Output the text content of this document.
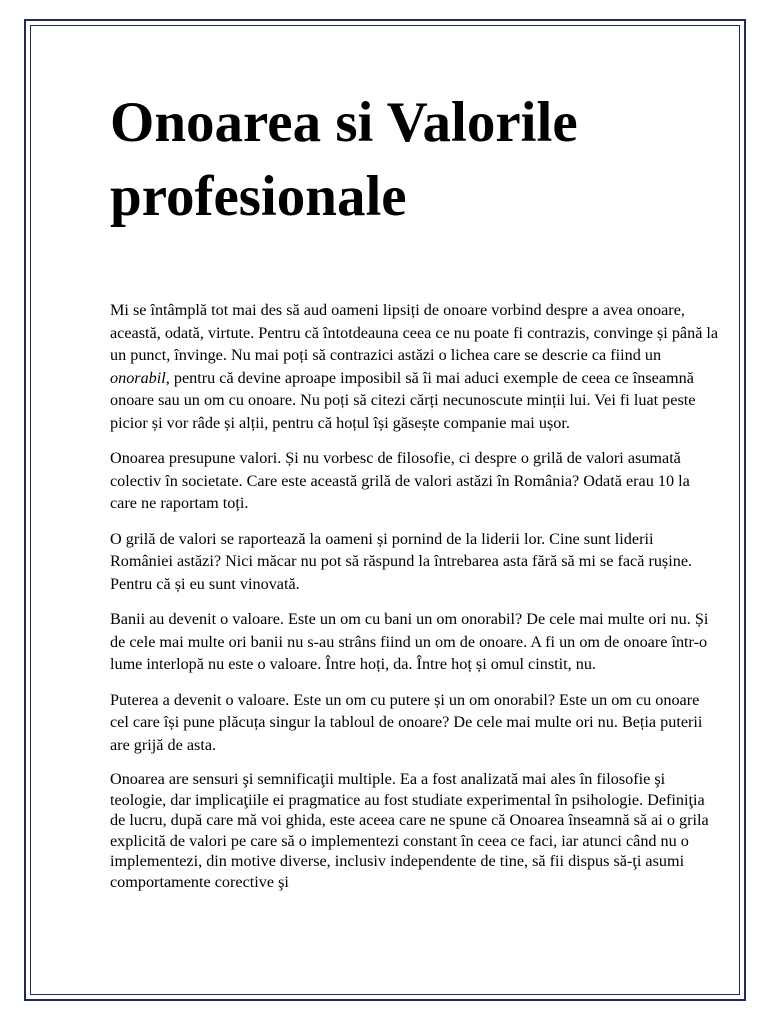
Onoarea si Valorile profesionale

Mi se întâmplă tot mai des să aud oameni lipsiți de onoare vorbind despre a avea onoare, această, odată, virtute. Pentru că întotdeauna ceea ce nu poate fi contrazis, convinge și până la un punct, învinge. Nu mai poți să contrazici astăzi o lichea care se descrie ca fiind un onorabil, pentru că devine aproape imposibil să îi mai aduci exemple de ceea ce înseamnă onoare sau un om cu onoare. Nu poți să citezi cărți necunoscute minții lui. Vei fi luat peste picior și vor râde și alții, pentru că hoțul își găsește companie mai ușor.

Onoarea presupune valori. Și nu vorbesc de filosofie, ci despre o grilă de valori asumată colectiv în societate. Care este această grilă de valori astăzi în România? Odată erau 10 la care ne raportam toți.

O grilă de valori se raportează la oameni și pornind de la liderii lor. Cine sunt liderii României astăzi? Nici măcar nu pot să răspund la întrebarea asta fără să mi se facă rușine. Pentru că și eu sunt vinovată.

Banii au devenit o valoare. Este un om cu bani un om onorabil? De cele mai multe ori nu. Și de cele mai multe ori banii nu s-au strâns fiind un om de onoare. A fi un om de onoare într-o lume interlopă nu este o valoare. Între hoți, da. Între hoț și omul cinstit, nu.

Puterea a devenit o valoare. Este un om cu putere și un om onorabil? Este un om cu onoare cel care își pune plăcuța singur la tabloul de onoare? De cele mai multe ori nu. Beția puterii are grijă de asta.

Onoarea are sensuri şi semnificaţii multiple. Ea a fost analizată mai ales în filosofie şi teologie, dar implicaţiile ei pragmatice au fost studiate experimental în psihologie. Definiţia de lucru, după care mă voi ghida, este aceea care ne spune că Onoarea înseamnă să ai o grila explicită de valori pe care să o implementezi constant în ceea ce faci, iar atunci când nu o implementezi, din motive diverse, inclusiv independente de tine, să fii dispus să-ţi asumi comportamente corective şi
